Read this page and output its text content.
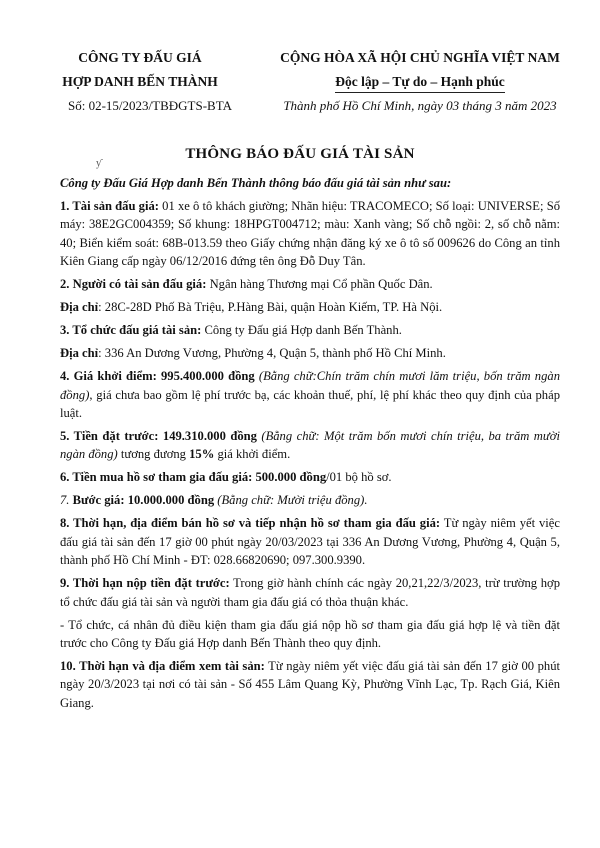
CÔNG TY ĐẤU GIÁ
HỢP DANH BẾN THÀNH
CỘNG HÒA XÃ HỘI CHỦ NGHĨA VIỆT NAM
Độc lập – Tự do – Hạnh phúc
Số: 02-15/2023/TBĐGTS-BTA	Thành phố Hồ Chí Minh, ngày 03 tháng 3 năm 2023
THÔNG BÁO ĐẤU GIÁ TÀI SẢN
ƴ

Công ty Đấu Giá Hợp danh Bến Thành thông báo đấu giá tài sản như sau:

1. Tài sản đấu giá: 01 xe ô tô khách giường; Nhãn hiệu: TRACOMECO; Số loại: UNIVERSE; Số máy: 38E2GC004359; Số khung: 18HPGT004712; màu: Xanh vàng; Số chỗ ngồi: 2, số chỗ nằm: 40; Biển kiểm soát: 68B-013.59 theo Giấy chứng nhận đăng ký xe ô tô số 009626 do Công an tỉnh Kiên Giang cấp ngày 06/12/2016 đứng tên ông Đỗ Duy Tân.

2. Người có tài sản đấu giá: Ngân hàng Thương mại Cổ phần Quốc Dân.

Địa chỉ: 28C-28D Phố Bà Triệu, P.Hàng Bài, quận Hoàn Kiếm, TP. Hà Nội.

3. Tổ chức đấu giá tài sản: Công ty Đấu giá Hợp danh Bến Thành.

Địa chỉ: 336 An Dương Vương, Phường 4, Quận 5, thành phố Hồ Chí Minh.

4. Giá khởi điểm: 995.400.000 đồng (Bằng chữ:Chín trăm chín mươi lăm triệu, bốn trăm ngàn đồng), giá chưa bao gồm lệ phí trước bạ, các khoản thuế, phí, lệ phí khác theo quy định của pháp luật.

5. Tiền đặt trước: 149.310.000 đồng (Bằng chữ: Một trăm bốn mươi chín triệu, ba trăm mười ngàn đồng) tương đương 15% giá khởi điểm.

6. Tiền mua hồ sơ tham gia đấu giá: 500.000 đồng/01 bộ hồ sơ.

7. Bước giá: 10.000.000 đồng (Bằng chữ: Mười triệu đồng).

8. Thời hạn, địa điểm bán hồ sơ và tiếp nhận hồ sơ tham gia đấu giá: Từ ngày niêm yết việc đấu giá tài sản đến 17 giờ 00 phút ngày 20/03/2023 tại 336 An Dương Vương, Phường 4, Quận 5, thành phố Hồ Chí Minh - ĐT: 028.66820690; 097.300.9390.

9. Thời hạn nộp tiền đặt trước: Trong giờ hành chính các ngày 20,21,22/3/2023, trừ trường hợp tổ chức đấu giá tài sản và người tham gia đấu giá có thỏa thuận khác.

- Tổ chức, cá nhân đủ điều kiện tham gia đấu giá nộp hồ sơ tham gia đấu giá hợp lệ và tiền đặt trước cho Công ty Đấu giá Hợp danh Bến Thành theo quy định.

10. Thời hạn và địa điểm xem tài sản: Từ ngày niêm yết việc đấu giá tài sản đến 17 giờ 00 phút ngày 20/3/2023 tại nơi có tài sản - Số 455 Lâm Quang Kỳ, Phường Vĩnh Lạc, Tp. Rạch Giá, Kiên Giang.
